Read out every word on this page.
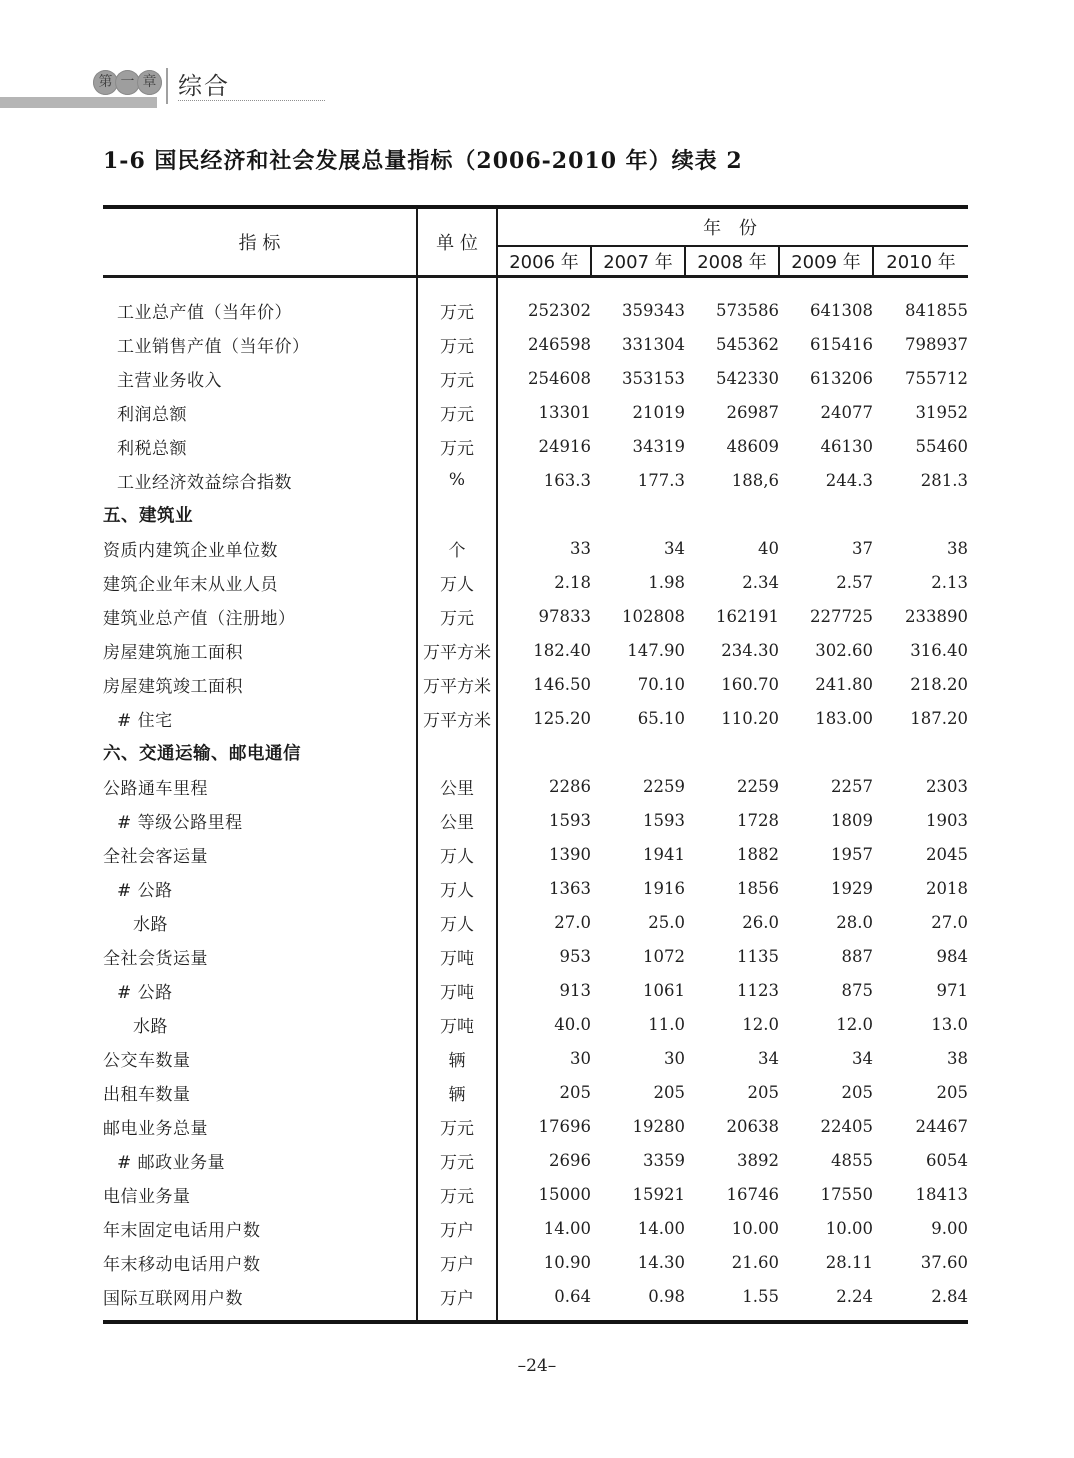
第 一 章 综合
1-6 国民经济和社会发展总量指标（2006-2010 年）续表 2
指 标	单 位	年 份				
		2006 年	2007 年	2008 年	2009 年	2010 年

工业总产值（当年价）	万元	252302	359343	573586	641308	841855
工业销售产值（当年价）	万元	246598	331304	545362	615416	798937
主营业务收入	万元	254608	353153	542330	613206	755712
利润总额	万元	13301	21019	26987	24077	31952
利税总额	万元	24916	34319	48609	46130	55460
工业经济效益综合指数	%	163.3	177.3	188,6	244.3	281.3
五、建筑业						
资质内建筑企业单位数	个	33	34	40	37	38
建筑企业年末从业人员	万人	2.18	1.98	2.34	2.57	2.13
建筑业总产值（注册地）	万元	97833	102808	162191	227725	233890
房屋建筑施工面积	万平方米	182.40	147.90	234.30	302.60	316.40
房屋建筑竣工面积	万平方米	146.50	70.10	160.70	241.80	218.20
# 住宅	万平方米	125.20	65.10	110.20	183.00	187.20
六、交通运输、邮电通信						
公路通车里程	公里	2286	2259	2259	2257	2303
# 等级公路里程	公里	1593	1593	1728	1809	1903
全社会客运量	万人	1390	1941	1882	1957	2045
# 公路	万人	1363	1916	1856	1929	2018
水路	万人	27.0	25.0	26.0	28.0	27.0
全社会货运量	万吨	953	1072	1135	887	984
# 公路	万吨	913	1061	1123	875	971
水路	万吨	40.0	11.0	12.0	12.0	13.0
公交车数量	辆	30	30	34	34	38
出租车数量	辆	205	205	205	205	205
邮电业务总量	万元	17696	19280	20638	22405	24467
# 邮政业务量	万元	2696	3359	3892	4855	6054
电信业务量	万元	15000	15921	16746	17550	18413
年末固定电话用户数	万户	14.00	14.00	10.00	10.00	9.00
年末移动电话用户数	万户	10.90	14.30	21.60	28.11	37.60
国际互联网用户数	万户	0.64	0.98	1.55	2.24	2.84

–24–
